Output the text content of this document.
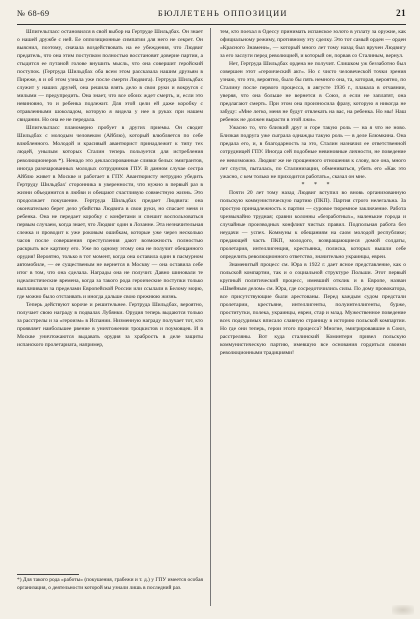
№ 68-69	БЮЛЛЕТЕНЬ ОППОЗИЦИИ	21

Шпигельгласс остановился в свой выбор на Гертруде Шильдбах. Он знает о нашей дружбе с ней. Ее оппозиционные симпатии для него не секрет. Он выяснил, поэтому, сначала воздействовать на ее убеждения, что Людвиг предатель, что она этим поступком полностью восстановит доверие партии, а стыдится ее путаной голове внушить мысль, что она совершит геройский поступок. (Гертруда Шильдбах оба всем этом рассказала нашим друзьям в Пиреже, я и об этом узнала уже после смерти Людвига). Гертруда Шильдбах служит у наших друзей, она решила взять дело в свои руки и вокругся с милыми — предупредить. Она знает, что все обоих ждет смерть, и, если это невиновно, то и ребенка подлежит. Для этой цели ей даже коробку с отравленными шоколадом, которую я видела у нее в руках при нашем свидании. Но она ее не передала.

Шпигельгласс планомерно пробует в других приемы. Он сводит Шильдбах с молодым человеком (Айблю), который влюбляется по себе влюбленного. Молодой и красивый авантюрист принадлежит к типу тех людей, унылым которых Сталин теперь пользуется для истребления революционеров *). Ненадо это деклассированные сливки белых эмигрантов, иногда разочарованных молодых сотрудников ГПУ. В данном случае сестра Айблю живет в Москве и работает в ГПУ. Авантюристу нетрудно убедить Гертруду Шильдбах' сторонника в уверенности, что нужно в первый раз в жизни объединится в любви и обещают счастливую совместную жизнь. Это продолжает покушение. Гертруда Шильдбах предает Людвига: она окончательно берет дело убийства Людвига в свои руки, но спасает меня и ребенка. Она не передает коробку с конфетами и спешит воспользоваться первым случаем, когда знает, что Людвиг один в Лозанне. Эта незначительная слежка и проводит к уже роковым ошибкам, которые уже через несколько часов после совершения преступления дают возможность полностью раскрыть все картину его. Уже по одному этому она не получит обещанного орудия! Вероятно, только в тот момент, когда она оставила один в пасмурном автомобиле, — ее существеным не вернется в Москву — она оставила себе итог в том, что она сделала. Награды она не получит. Давно шиновали те идеалистические времена, когда за такого рода героические поступки только выплачивали за пределами Европейской России или ссылали в Белому морю, где можно было отстаивать и иногда дальше свою прежнюю жизнь.

Теперь действуют короче и решительнее. Гертруда Шильдбах, вероятно, получает свою награду в подвалах Лубянки. Орудия теперь выдаются только за расстрелы и за «героизм» в Испании. Низменную награду получает тот, кто проявляет наибольшее рвение в уничтожении троцкистов и поумовцев. И в Москве уничтожаются выдавать орудия за храбрость в деле защиты испанского пролетариата, например,

тем, кто поехал в Одессу принимать испанское золото в уплату за оружие, как официальному режиму, противному эту сделку. Это тот самый орден — орден «Красного Знамени», — который много лет тому назад был вручен Людвигу за его заслуги перед революцией, и который он, порвав со Сталиным, вернул.

Нет, Гертруда Шильдбах ордена не получит. Слишком уж беззаботно был совершен этот «героический акт». Но с чисто человеческой точки зрения узнаю, что это, вероятно, было бы пять немного она, та, которая, вероятно, по Сталину после первого процесса, в августе 1936 г., плакала в отчаянии, уверяя, что она больше не вернется в Союз, я если не заплатят, она предлагают смерть. При этом она произносила фразу, которую я никогда не забуду: «Мне легко, меня не будут отвлекать на вас, на ребенка. Но мы! Наш ребенок не должен вырасти в этой лжи».

Ужасно то, что близкий друг и горе такую роль — на я что не ново. Близкая подруга уже сыграла однажды такую роль — в деле Блюмкина. Она предала его, и, в благодарность за это, Сталин назначил ее ответственной сотрудницей ГПУ. Иногда сей подобные невиновные личности, не поведение ее невозможно. Людвиг же не прощенного отношения к слову, все она, много лет спустя, пыталась, по Сталинизации, обмениваться, убить его «Как это ужасно, с кем только не приходится работать», сказал он мне.

* * *

Почти 20 лет тому назад Людвиг вступил во вновь организованную польскую коммунистическую партию (ПКП). Партия строго нелегальна. За простую принадлежность к партии — суровое тюремное заключение. Работа чрезвычайно трудная; сравни колонны «безработных», маленькие города и случайные производных конфликт чистых правил. Подпольная работа без неудачи — успех. Коммуны к обещаниям на саом молодой республике; предающей часть ПКП, молодого, возвращающиеся домой солдаты, пролетария, интеллигенция, крестьянка, полиска, которых вышли себе определить революционного ответство, значительно украинцы, евреи.

Знаменитый процесс см. Юра в 1922 г. дает ясное представление, как о польской компартии, так и о социальной структуре Польши. Этот первый крупный политический процесс, имевший отклик и в Европе, назван «Швейным делом» см. Юра, где сосредоточились силы. По дому провокатора, все присутствующие были арестованы. Перед каждым судом предстали пролетарии, крестьяне, интеллигенты, полуинтеллигенты, бурже, проститутки, полека, украинцы, евреи, стар и млад. Мужественное поведение всех подсудимых вписало славную страницу в историю польской компартии. Но где они теперь, герои этого процесса? Многие, эмигрировавшие в Союз, расстреляны. Вот куда сталинский Коминтерн привел польскую коммунистическую партию, имевшую все основания гордиться своими революционными традициями!

*) Для такого рода «работы» (покушения, грабежи и т. д.) у ГПУ имеется особая организация, о деятельности которой мы узнали лишь в последний раз.
